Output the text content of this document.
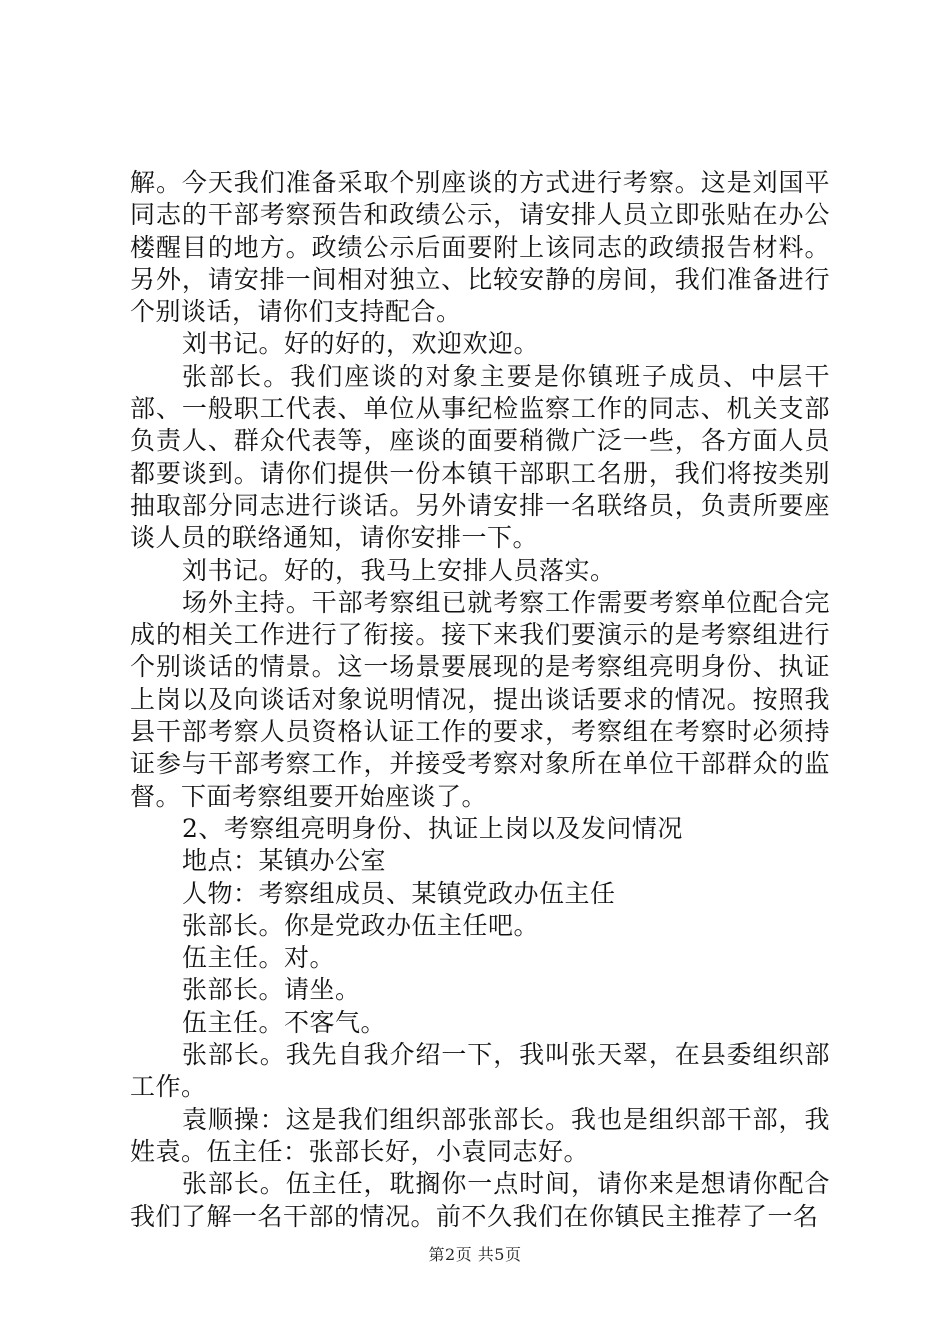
解。今天我们准备采取个别座谈的方式进行考察。这是刘国平同志的干部考察预告和政绩公示，请安排人员立即张贴在办公楼醒目的地方。政绩公示后面要附上该同志的政绩报告材料。另外，请安排一间相对独立、比较安静的房间，我们准备进行个别谈话，请你们支持配合。

刘书记。好的好的，欢迎欢迎。

张部长。我们座谈的对象主要是你镇班子成员、中层干部、一般职工代表、单位从事纪检监察工作的同志、机关支部负责人、群众代表等，座谈的面要稍微广泛一些，各方面人员都要谈到。请你们提供一份本镇干部职工名册，我们将按类别抽取部分同志进行谈话。另外请安排一名联络员，负责所要座谈人员的联络通知，请你安排一下。

刘书记。好的，我马上安排人员落实。

场外主持。干部考察组已就考察工作需要考察单位配合完成的相关工作进行了衔接。接下来我们要演示的是考察组进行个别谈话的情景。这一场景要展现的是考察组亮明身份、执证上岗以及向谈话对象说明情况，提出谈话要求的情况。按照我县干部考察人员资格认证工作的要求，考察组在考察时必须持证参与干部考察工作，并接受考察对象所在单位干部群众的监督。下面考察组要开始座谈了。

2、考察组亮明身份、执证上岗以及发问情况

地点：某镇办公室

人物：考察组成员、某镇党政办伍主任

张部长。你是党政办伍主任吧。

伍主任。对。

张部长。请坐。

伍主任。不客气。

张部长。我先自我介绍一下，我叫张天翠，在县委组织部工作。

袁顺操：这是我们组织部张部长。我也是组织部干部，我姓袁。伍主任：张部长好，小袁同志好。

张部长。伍主任，耽搁你一点时间，请你来是想请你配合我们了解一名干部的情况。前不久我们在你镇民主推荐了一名

第2页 共5页
